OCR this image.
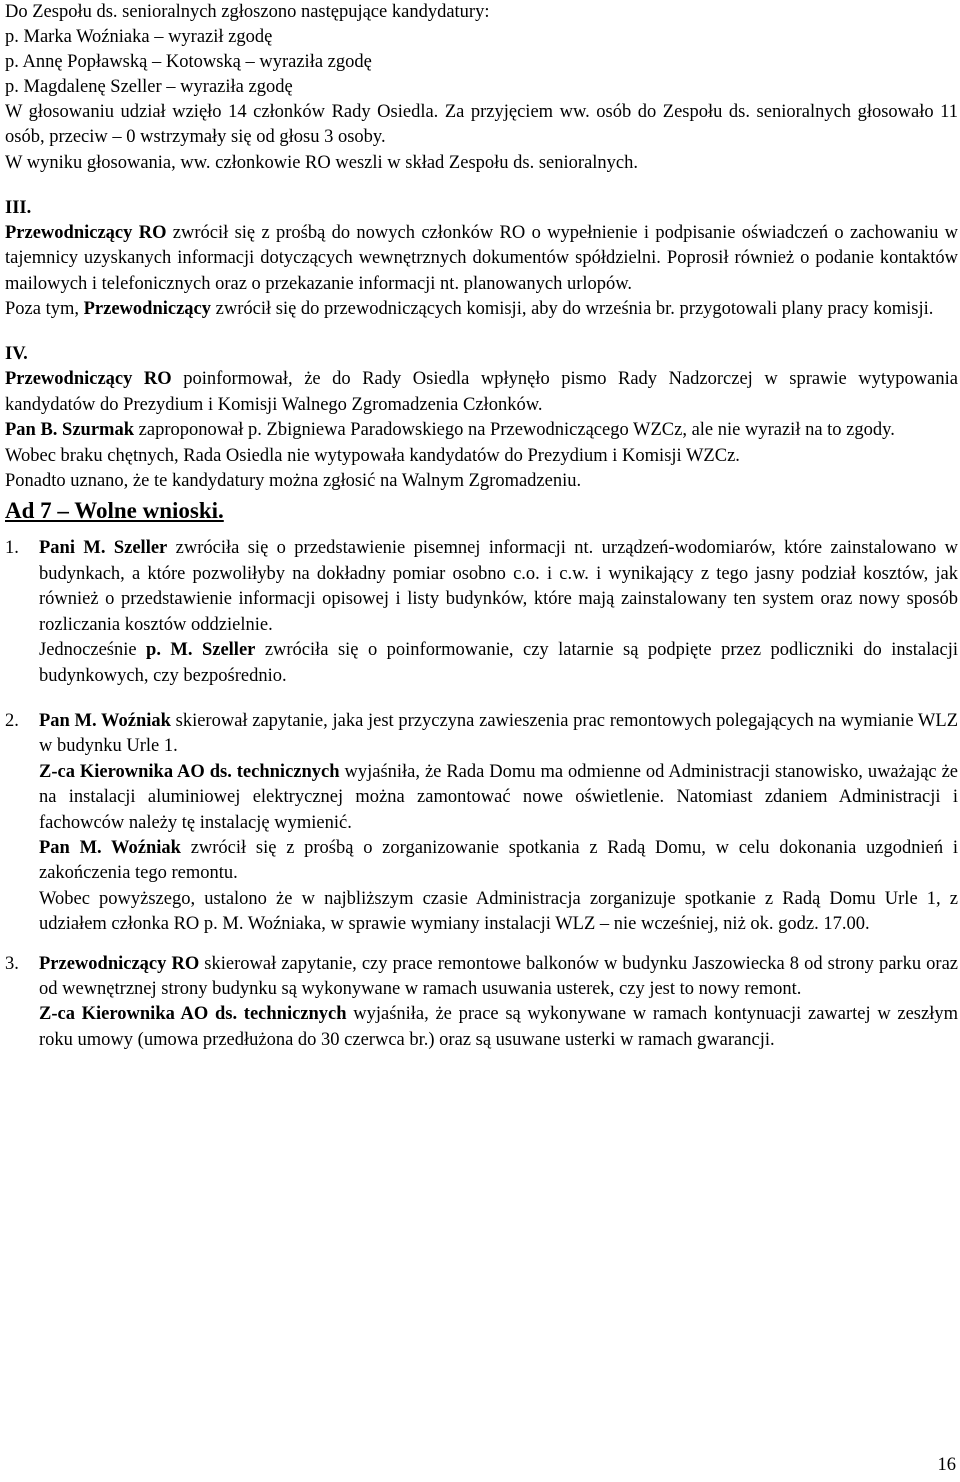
Do Zespołu ds. senioralnych zgłoszono następujące kandydatury:
p. Marka Woźniaka – wyraził zgodę
p. Annę Popławską – Kotowską – wyraziła zgodę
p. Magdalenę Szeller – wyraziła zgodę
W głosowaniu udział wzięło 14 członków Rady Osiedla. Za przyjęciem ww. osób do Zespołu ds. senioralnych głosowało 11 osób, przeciw – 0 wstrzymały się od głosu 3 osoby.
W wyniku głosowania, ww. członkowie RO weszli w skład Zespołu ds. senioralnych.
III.
Przewodniczący RO zwrócił się z prośbą do nowych członków RO o wypełnienie i podpisanie oświadczeń o zachowaniu w tajemnicy uzyskanych informacji dotyczących wewnętrznych dokumentów spółdzielni. Poprosił również o podanie kontaktów mailowych i telefonicznych oraz o przekazanie informacji nt. planowanych urlopów.
Poza tym, Przewodniczący zwrócił się do przewodniczących komisji, aby do września br. przygotowali plany pracy komisji.
IV.
Przewodniczący RO poinformował, że do Rady Osiedla wpłynęło pismo Rady Nadzorczej w sprawie wytypowania kandydatów do Prezydium i Komisji Walnego Zgromadzenia Członków.
Pan B. Szurmak zaproponował p. Zbigniewa Paradowskiego na Przewodniczącego WZCz, ale nie wyraził na to zgody.
Wobec braku chętnych, Rada Osiedla nie wytypowała kandydatów do Prezydium i Komisji WZCz.
Ponadto uznano, że te kandydatury można zgłosić na Walnym Zgromadzeniu.
Ad 7 – Wolne wnioski.
1.	Pani M. Szeller zwróciła się o przedstawienie pisemnej informacji nt. urządzeń-wodomiarów, które zainstalowano w budynkach, a które pozwoliłyby na dokładny pomiar osobno c.o. i c.w. i wynikający z tego jasny podział kosztów, jak również o przedstawienie informacji opisowej i listy budynków, które mają zainstalowany ten system oraz nowy sposób rozliczania kosztów oddzielnie.

Jednocześnie p. M. Szeller zwróciła się o poinformowanie, czy latarnie są podpięte przez podliczniki do instalacji budynkowych, czy bezpośrednio.

2.	Pan M. Woźniak skierował zapytanie, jaka jest przyczyna zawieszenia prac remontowych polegających na wymianie WLZ w budynku Urle 1.

Z-ca Kierownika AO ds. technicznych wyjaśniła, że Rada Domu ma odmienne od Administracji stanowisko, uważając że na instalacji aluminiowej elektrycznej można zamontować nowe oświetlenie. Natomiast zdaniem Administracji i fachowców należy tę instalację wymienić.

Pan M. Woźniak zwrócił się z prośbą o zorganizowanie spotkania z Radą Domu, w celu dokonania uzgodnień i zakończenia tego remontu.

Wobec powyższego, ustalono że w najbliższym czasie Administracja zorganizuje spotkanie z Radą Domu Urle 1, z udziałem członka RO p. M. Woźniaka, w sprawie wymiany instalacji WLZ – nie wcześniej, niż ok. godz. 17.00.

3.	Przewodniczący RO skierował zapytanie, czy prace remontowe balkonów w budynku Jaszowiecka 8 od strony parku oraz od wewnętrznej strony budynku są wykonywane w ramach usuwania usterek, czy jest to nowy remont.

Z-ca Kierownika AO ds. technicznych wyjaśniła, że prace są wykonywane w ramach kontynuacji zawartej w zeszłym roku umowy (umowa przedłużona do 30 czerwca br.) oraz są usuwane usterki w ramach gwarancji.

16
